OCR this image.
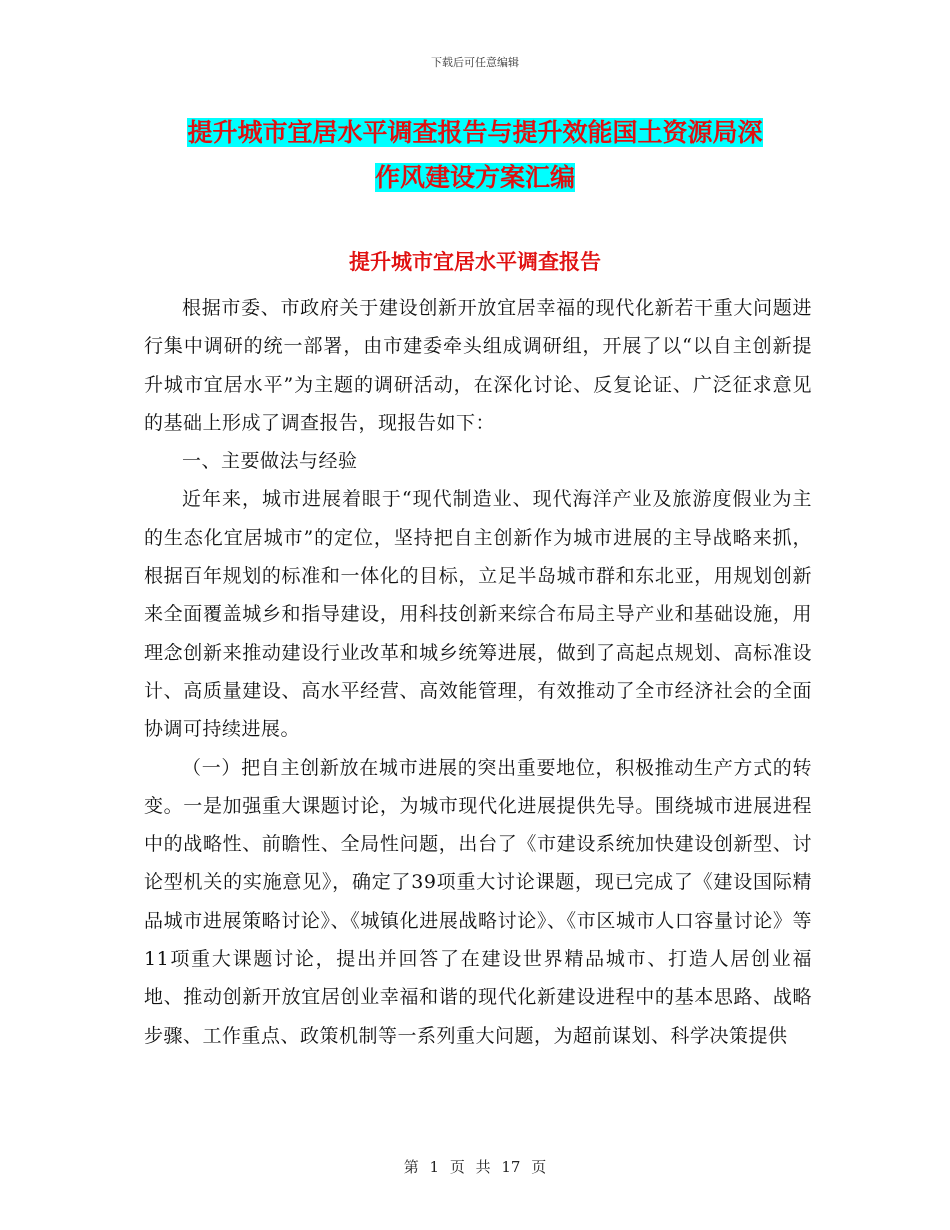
下载后可任意编辑
提升城市宜居水平调查报告与提升效能国土资源局深
作风建设方案汇编
提升城市宜居水平调查报告

根据市委、市政府关于建设创新开放宜居幸福的现代化新若干重大问题进行集中调研的统一部署，由市建委牵头组成调研组，开展了以“以自主创新提升城市宜居水平”为主题的调研活动，在深化讨论、反复论证、广泛征求意见的基础上形成了调查报告，现报告如下：

一、主要做法与经验

近年来，城市进展着眼于“现代制造业、现代海洋产业及旅游度假业为主的生态化宜居城市”的定位，坚持把自主创新作为城市进展的主导战略来抓，根据百年规划的标准和一体化的目标，立足半岛城市群和东北亚，用规划创新来全面覆盖城乡和指导建设，用科技创新来综合布局主导产业和基础设施，用理念创新来推动建设行业改革和城乡统筹进展，做到了高起点规划、高标准设计、高质量建设、高水平经营、高效能管理，有效推动了全市经济社会的全面协调可持续进展。

（一）把自主创新放在城市进展的突出重要地位，积极推动生产方式的转变。一是加强重大课题讨论，为城市现代化进展提供先导。围绕城市进展进程中的战略性、前瞻性、全局性问题，出台了《市建设系统加快建设创新型、讨论型机关的实施意见》，确定了39项重大讨论课题，现已完成了《建设国际精品城市进展策略讨论》、《城镇化进展战略讨论》、《市区城市人口容量讨论》等11项重大课题讨论，提出并回答了在建设世界精品城市、打造人居创业福地、推动创新开放宜居创业幸福和谐的现代化新建设进程中的基本思路、战略步骤、工作重点、政策机制等一系列重大问题，为超前谋划、科学决策提供

第 1 页 共 17 页
